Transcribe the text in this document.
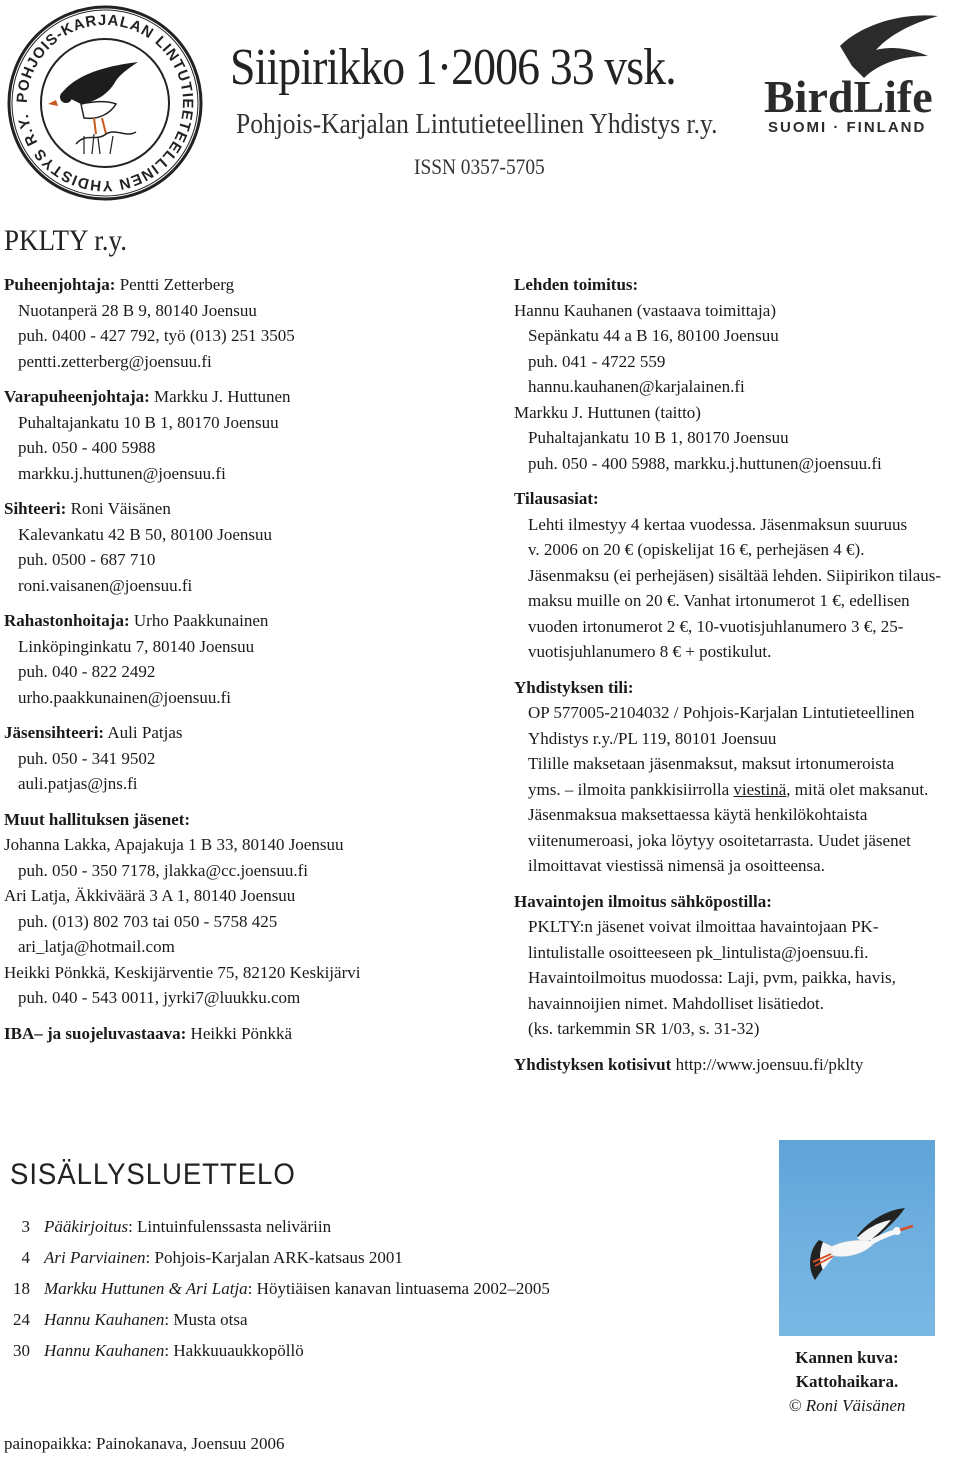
POHJOIS-KARJALAN LINTUTIEETEELLINEN YHDISTYS R.Y.	BirdLife
SUOMI · FINLAND
Siipirikko 1·2006 33 vsk.
Pohjois-Karjalan Lintutieteellinen Yhdistys r.y.
ISSN 0357-5705
PKLTY r.y.
Puheenjohtaja: Pentti Zetterberg
Nuotanperä 28 B 9, 80140 Joensuu
puh. 0400 - 427 792, työ (013) 251 3505
pentti.zetterberg@joensuu.fi
Varapuheenjohtaja: Markku J. Huttunen
Puhaltajankatu 10 B 1, 80170 Joensuu
puh. 050 - 400 5988
markku.j.huttunen@joensuu.fi
Sihteeri: Roni Väisänen
Kalevankatu 42 B 50, 80100 Joensuu
puh. 0500 - 687 710
roni.vaisanen@joensuu.fi
Rahastonhoitaja: Urho Paakkunainen
Linköpinginkatu 7, 80140 Joensuu
puh. 040 - 822 2492
urho.paakkunainen@joensuu.fi
Jäsensihteeri: Auli Patjas
puh. 050 - 341 9502
auli.patjas@jns.fi
Muut hallituksen jäsenet:
Johanna Lakka, Apajakuja 1 B 33, 80140 Joensuu
puh. 050 - 350 7178, jlakka@cc.joensuu.fi
Ari Latja, Äkkiväärä 3 A 1, 80140 Joensuu
puh. (013) 802 703 tai 050 - 5758 425
ari_latja@hotmail.com
Heikki Pönkkä, Keskijärventie 75, 82120 Keskijärvi
puh. 040 - 543 0011, jyrki7@luukku.com
IBA– ja suojeluvastaava: Heikki Pönkkä
Lehden toimitus:
Hannu Kauhanen (vastaava toimittaja)
Sepänkatu 44 a B 16, 80100 Joensuu
puh. 041 - 4722 559
hannu.kauhanen@karjalainen.fi
Markku J. Huttunen (taitto)
Puhaltajankatu 10 B 1, 80170 Joensuu
puh. 050 - 400 5988, markku.j.huttunen@joensuu.fi
Tilausasiat:
Lehti ilmestyy 4 kertaa vuodessa. Jäsenmaksun suuruus
v. 2006 on 20 € (opiskelijat 16 €, perhejäsen 4 €).
Jäsenmaksu (ei perhejäsen) sisältää lehden. Siipirikon tilaus-
maksu muille on 20 €. Vanhat irtonumerot 1 €, edellisen
vuoden irtonumerot 2 €, 10-vuotisjuhlanumero 3 €, 25-
vuotisjuhlanumero 8 € + postikulut.
Yhdistyksen tili:
OP 577005-2104032 / Pohjois-Karjalan Lintutieteellinen
Yhdistys r.y./PL 119, 80101 Joensuu
Tilille maksetaan jäsenmaksut, maksut irtonumeroista
yms. – ilmoita pankkisiirrolla viestinä, mitä olet maksanut.
Jäsenmaksua maksettaessa käytä henkilökohtaista
viitenumeroasi, joka löytyy osoitetarrasta. Uudet jäsenet
ilmoittavat viestissä nimensä ja osoitteensa.
Havaintojen ilmoitus sähköpostilla:
PKLTY:n jäsenet voivat ilmoittaa havaintojaan PK-
lintulistalle osoitteeseen pk_lintulista@joensuu.fi.
Havaintoilmoitus muodossa: Laji, pvm, paikka, havis,
havainnoijien nimet. Mahdolliset lisätiedot.
(ks. tarkemmin SR 1/03, s. 31-32)
Yhdistyksen kotisivut http://www.joensuu.fi/pklty
SISÄLLYSLUETTELO
3 Pääkirjoitus: Lintuinfulenssasta neliväriin
4 Ari Parviainen: Pohjois-Karjalan ARK-katsaus 2001
18 Markku Huttunen & Ari Latja: Höytiäisen kanavan lintuasema 2002–2005
24 Hannu Kauhanen: Musta otsa
30 Hannu Kauhanen: Hakkuuaukkopöllö	Kannen kuva:
Kattohaikara.
© Roni Väisänen
painopaikka: Painokanava, Joensuu 2006
